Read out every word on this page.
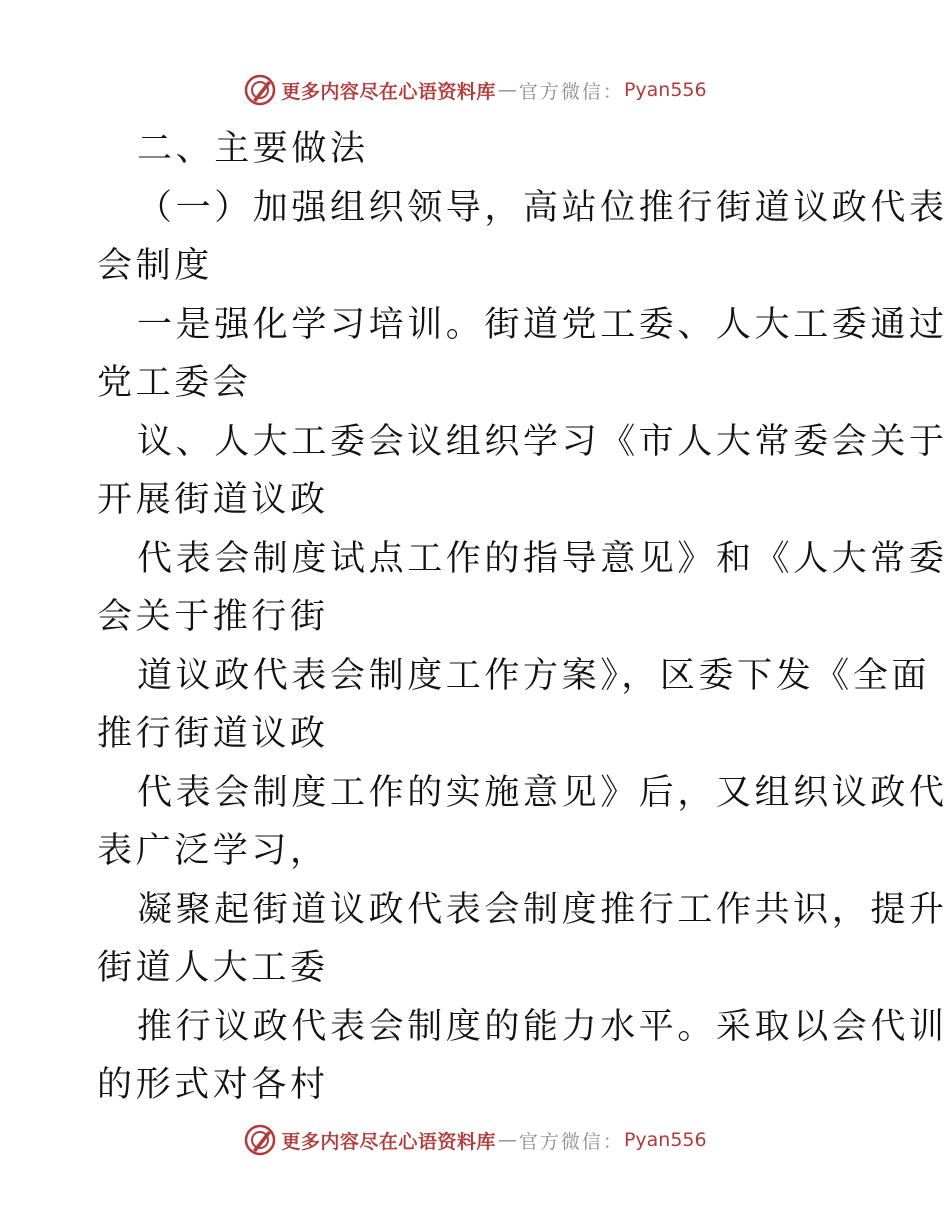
更多内容尽在心语资料库 — 官方微信： Pyan556
二、主要做法
（一）加强组织领导，高站位推行街道议政代表
会制度
一是强化学习培训。街道党工委、人大工委通过
党工委会
议、人大工委会议组织学习《市人大常委会关于
开展街道议政
代表会制度试点工作的指导意见》和《人大常委
会关于推行街
道议政代表会制度工作方案》，区委下发《全面
推行街道议政
代表会制度工作的实施意见》后，又组织议政代
表广泛学习，
凝聚起街道议政代表会制度推行工作共识，提升
街道人大工委
推行议政代表会制度的能力水平。采取以会代训
的形式对各村
更多内容尽在心语资料库 — 官方微信： Pyan556
